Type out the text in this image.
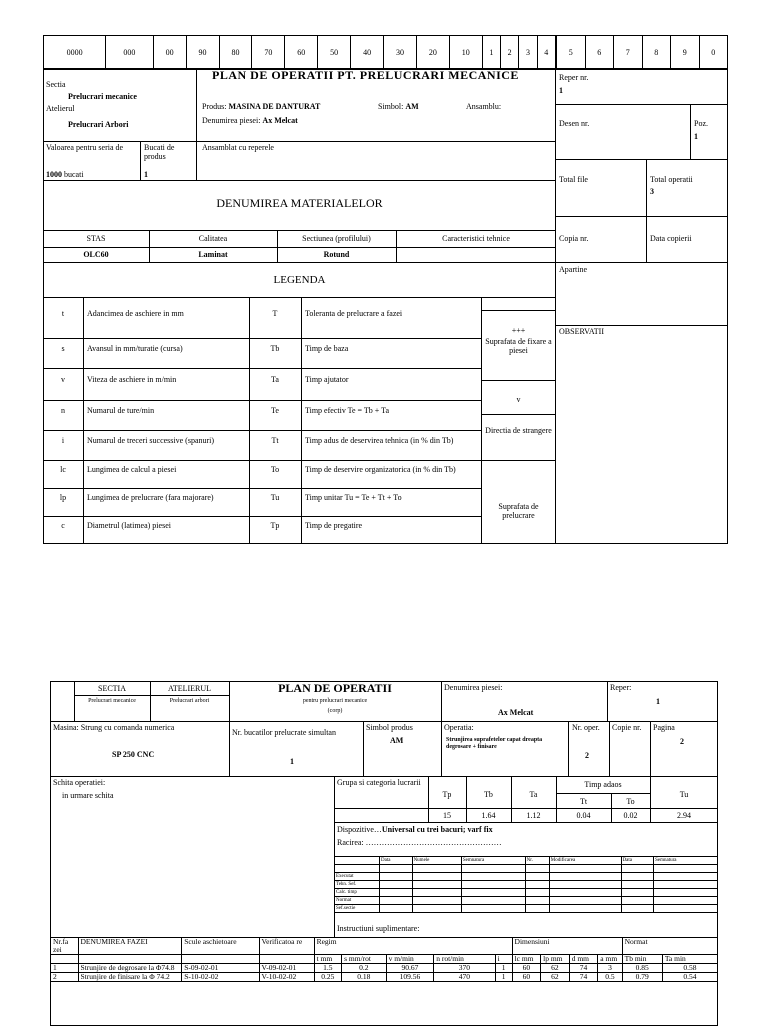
0000	000	00	90	80	70	60	50	40	30	20	10	1	2	3	4	5	6	7	8	9	0
Sectia
Prelucrari mecanice
Atelierul
Prelucrari Arbori
PLAN DE OPERATII PT. PRELUCRARI MECANICE
Produs: MASINA DE DANTURAT	Simbol: AM	Ansamblu:
Denumirea piesei: Ax Melcat
Valoarea pentru seria de
1000 bucati
Bucati de produs
1
Ansamblat cu reperele
DENUMIREA MATERIALELOR
STAS	Calitatea	Sectiunea (profilului)	Caracteristici tehnice
OLC60	Laminat	Rotund
LEGENDA
t	Adancimea de aschiere in mm	T	Toleranta de prelucrare a fazei
s	Avansul in mm/turatie (cursa)	Tb	Timp de baza
v	Viteza de aschiere in m/min	Ta	Timp ajutator
n	Numarul de ture/min	Te	Timp efectiv Te = Tb + Ta
i	Numarul de treceri successive (spanuri)	Tt	Timp adus de deservirea tehnica (in % din Tb)
lc	Lungimea de calcul a piesei	To	Timp de deservire organizatorica (in % din Tb)
lp	Lungimea de prelucrare (fara majorare)	Tu	Timp unitar Tu = Te + Tt + To
c	Diametrul (latimea) piesei	Tp	Timp de pregatire
+++
Suprafata de fixare a piesei
v
Directia de strangere
Suprafata de prelucrare
Reper nr.
1
Desen nr.	Poz.
1
Total file	Total operatii
3
Copia nr.	Data copierii
Apartine
OBSERVATII
SECTIA
Prelucrari mecanice
ATELIERUL
Prelucrari arbori
PLAN DE OPERATII
pentru prelucrari mecanice
(corp)
Denumirea piesei:
Ax Melcat
Reper:
1
Masina: Strung cu comanda numerica
SP 250 CNC
Nr. bucatilor prelucrate simultan
1
Simbol produs
AM
Operatia:
Strunjirea suprafetelor capat dreapta degrosare + finisare
Nr. oper.
2
Copie nr.	Pagina
2
Schita operatiei:
in urmare schita
Grupa si categoria lucrarii	Timp adaos
Tp	Tb	Ta
Tt	To
Tu
15	1.64	1.12	0.04	0.02	2.94
Dispozitive…Universal cu trei bacuri; varf fix
Racirea: ……………………………………………
	Data	Numele	Semnatura	Nr.	Modificarea	Data	Semnatura

Executat							
Tehn. Sef.							
Calc. timp							
Normat							
Sef.sectie							
Instructiuni suplimentare:
Nr.fa zei	DENUMIREA FAZEI	Scule aschietoare	Verificatoa re	Regim					Dimensiuni				Normat	
				t mm	s mm/rot	v m/min	n rot/min	i	lc mm	lp mm	d mm	a mm	Tb min	Ta min
1	Strunjire de degrosare la Φ74.8	S-09-02-01	V-09-02-01	1.5	0.2	90.67	370	1	60	62	74	3	0.85	0.58
2	Strunjire de finisare la Φ 74.2	S-10-02-02	V-10-02-02	0.25	0.18	109.56	470	1	60	62	74	0.5	0.79	0.54
